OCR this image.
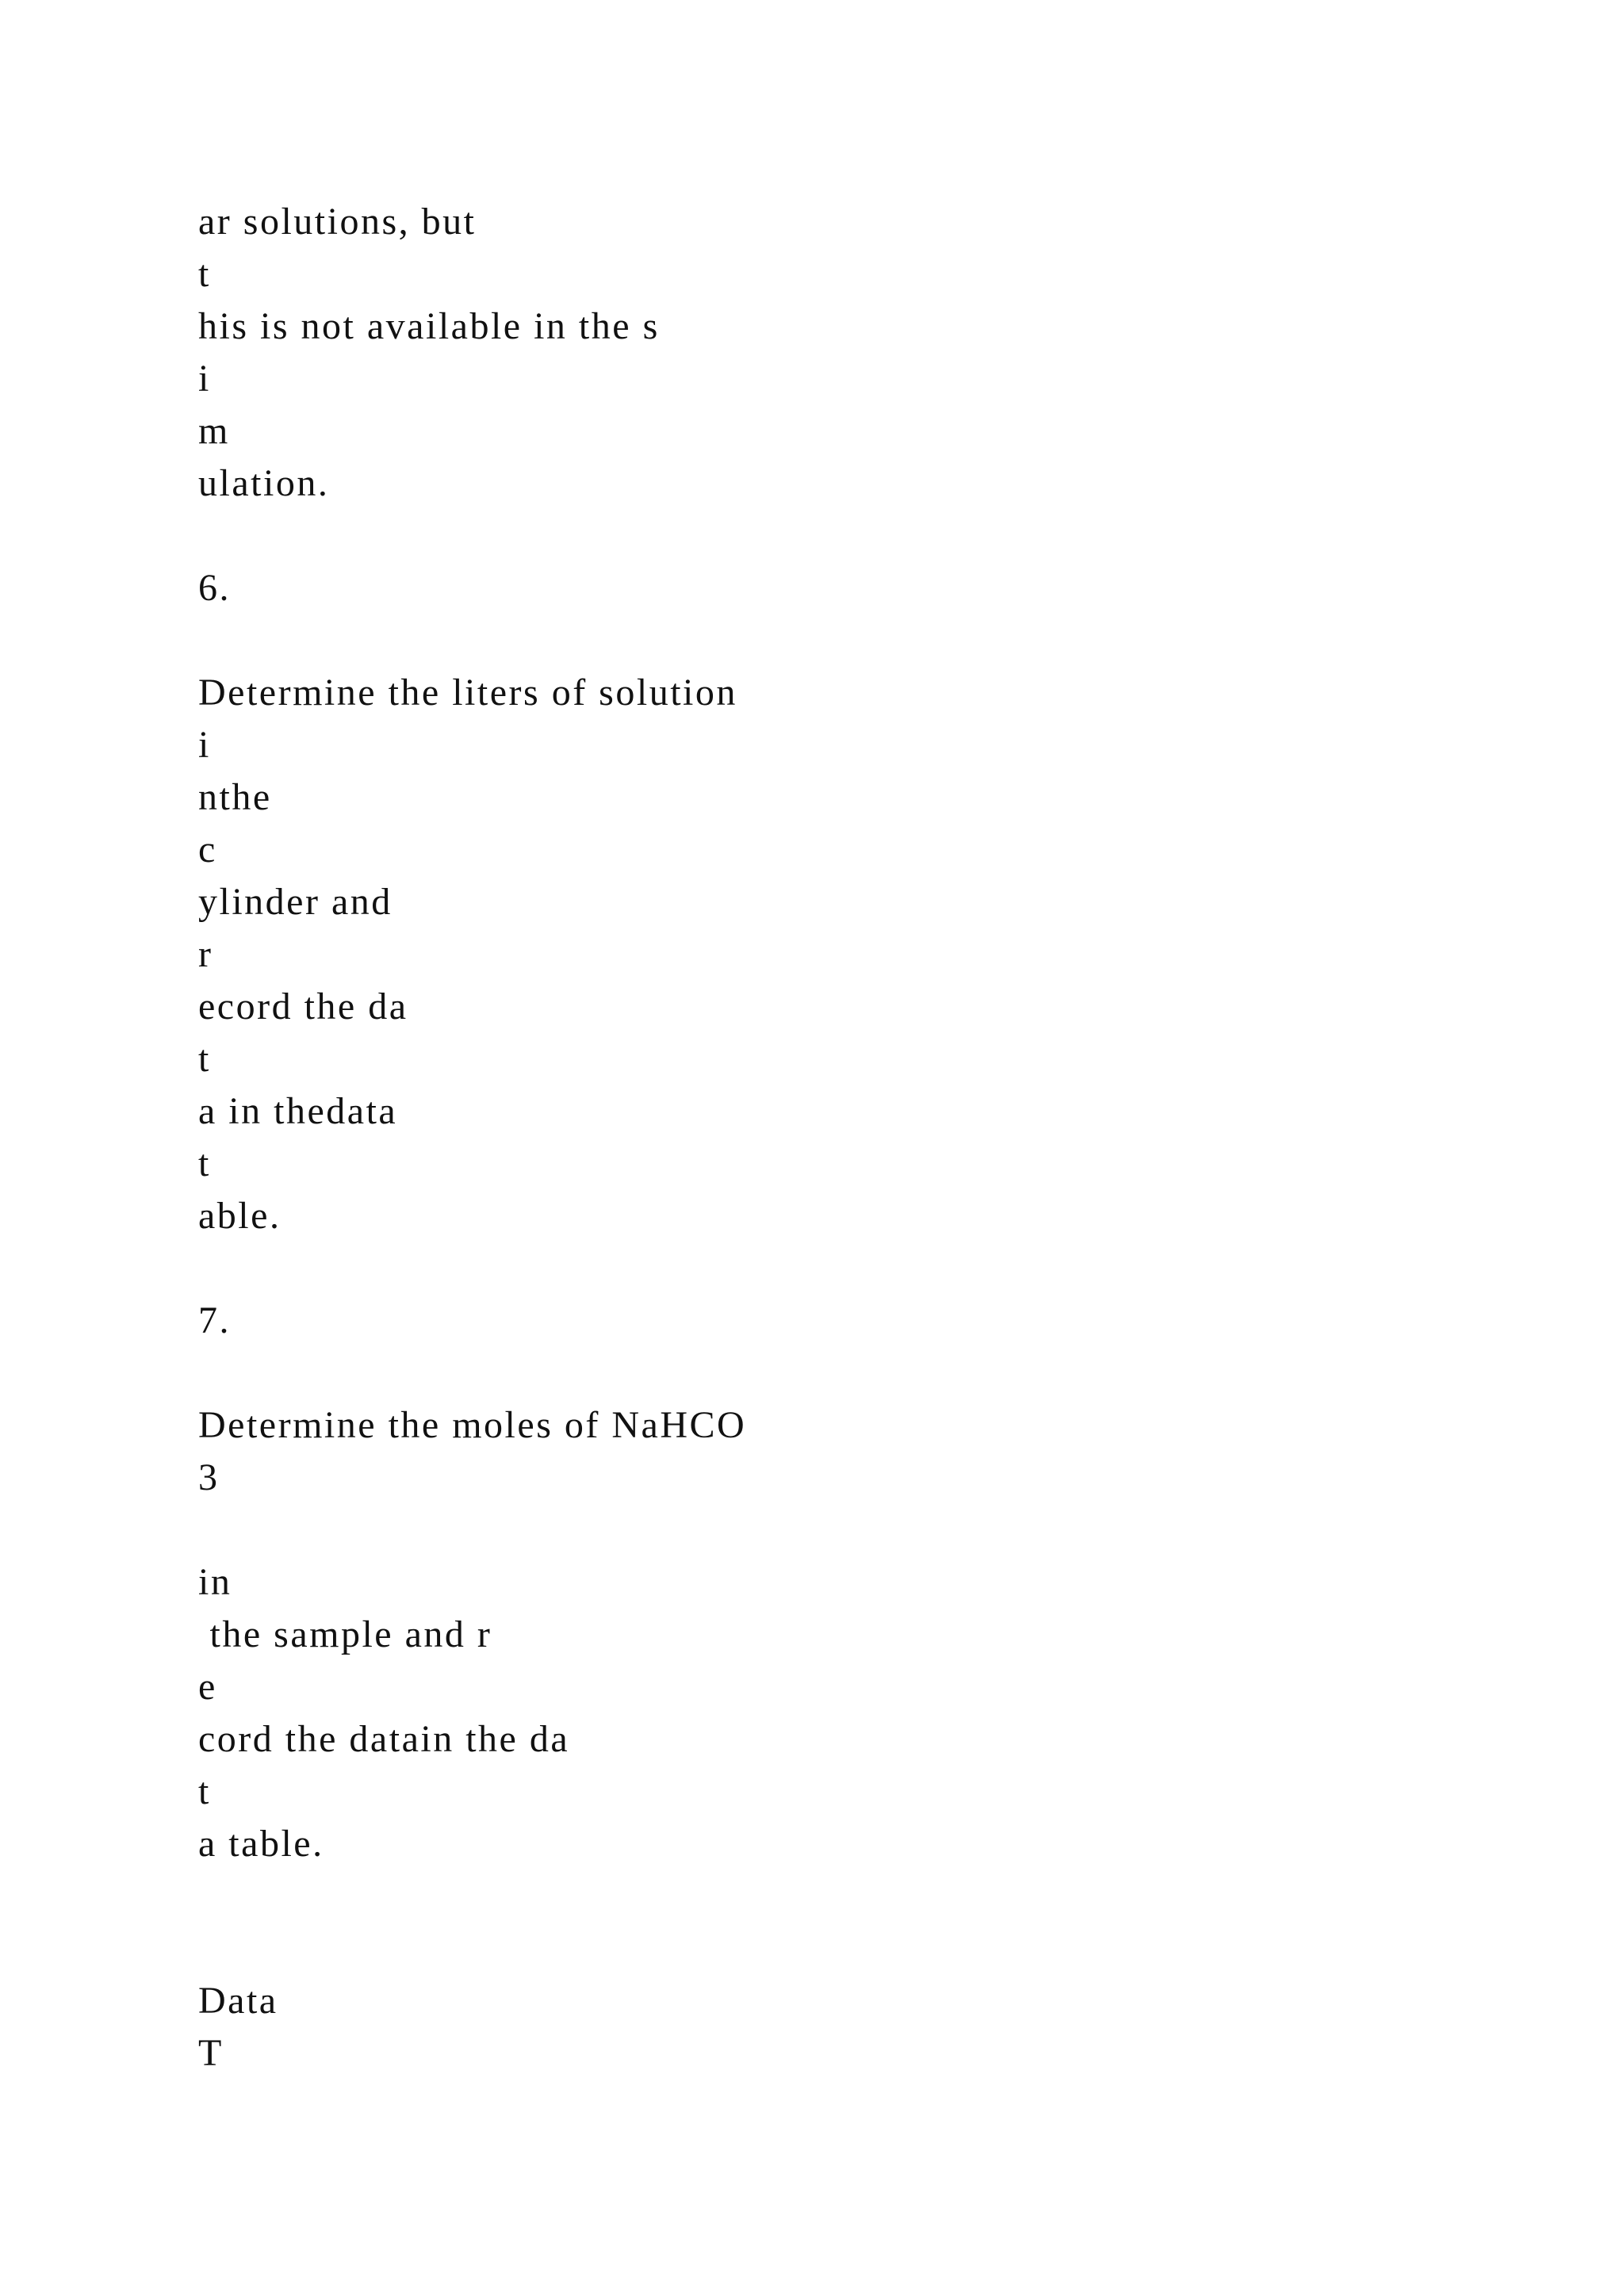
ar solutions, but

t

his is not available in the s

i

m

ulation.

6.

Determine the liters of solution

i

nthe

c

ylinder and

r

ecord the da

t

a in thedata

t

able.

7.

Determine the moles of NaHCO

3

in

the sample and r

e

cord the datain the da

t

a table.

Data

T
